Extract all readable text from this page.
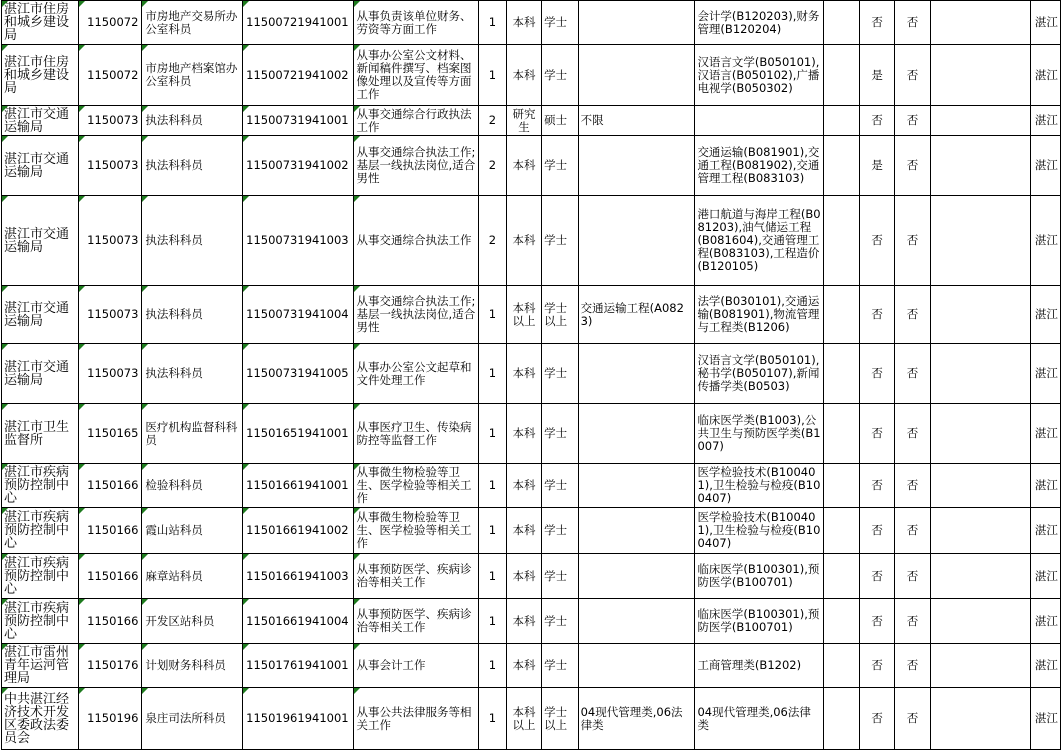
湛江市住房和城乡建设局	1150072	市房地产交易所办公室科员	11500721941001	从事负责该单位财务、劳资等方面工作	1	本科	学士		会计学(B120203),财务管理(B120204)		否	否		湛江
湛江市住房和城乡建设局	1150072	市房地产档案馆办公室科员	11500721941002	从事办公室公文材料、新闻稿件撰写、档案图像处理以及宣传等方面工作	1	本科	学士		汉语言文学(B050101),汉语言(B050102),广播电视学(B050302)		是	否		湛江
湛江市交通运输局	1150073	执法科科员	11500731941001	从事交通综合行政执法工作	2	研究生	硕士	不限			否	否		湛江
湛江市交通运输局	1150073	执法科科员	11500731941002	从事交通综合执法工作;基层一线执法岗位,适合男性	2	本科	学士		交通运输(B081901),交通工程(B081902),交通管理工程(B083103)		是	否		湛江
湛江市交通运输局	1150073	执法科科员	11500731941003	从事交通综合执法工作	2	本科	学士		港口航道与海岸工程(B081203),油气储运工程(B081604),交通管理工程(B083103),工程造价(B120105)		否	否		湛江
湛江市交通运输局	1150073	执法科科员	11500731941004	从事交通综合执法工作;基层一线执法岗位,适合男性	1	本科以上	学士以上	交通运输工程(A0823)	法学(B030101),交通运输(B081901),物流管理与工程类(B1206)		否	否		湛江
湛江市交通运输局	1150073	执法科科员	11500731941005	从事办公室公文起草和文件处理工作	1	本科	学士		汉语言文学(B050101),秘书学(B050107),新闻传播学类(B0503)		否	否		湛江
湛江市卫生监督所	1150165	医疗机构监督科科员	11501651941001	从事医疗卫生、传染病防控等监督工作	1	本科	学士		临床医学类(B1003),公共卫生与预防医学类(B1007)		否	否		湛江
湛江市疾病预防控制中心	1150166	检验科科员	11501661941001	从事微生物检验等卫生、医学检验等相关工作	1	本科	学士		医学检验技术(B100401),卫生检验与检疫(B100407)		否	否		湛江
湛江市疾病预防控制中心	1150166	霞山站科员	11501661941002	从事微生物检验等卫生、医学检验等相关工作	1	本科	学士		医学检验技术(B100401),卫生检验与检疫(B100407)		否	否		湛江
湛江市疾病预防控制中心	1150166	麻章站科员	11501661941003	从事预防医学、疾病诊治等相关工作	1	本科	学士		临床医学(B100301),预防医学(B100701)		否	否		湛江
湛江市疾病预防控制中心	1150166	开发区站科员	11501661941004	从事预防医学、疾病诊治等相关工作	1	本科	学士		临床医学(B100301),预防医学(B100701)		否	否		湛江
湛江市雷州青年运河管理局	1150176	计划财务科科员	11501761941001	从事会计工作	1	本科	学士		工商管理类(B1202)		否	否		湛江
中共湛江经济技术开发区委政法委员会	1150196	泉庄司法所科员	11501961941001	从事公共法律服务等相关工作	1	本科以上	学士以上	04现代管理类,06法律类	04现代管理类,06法律类		否	否		湛江
